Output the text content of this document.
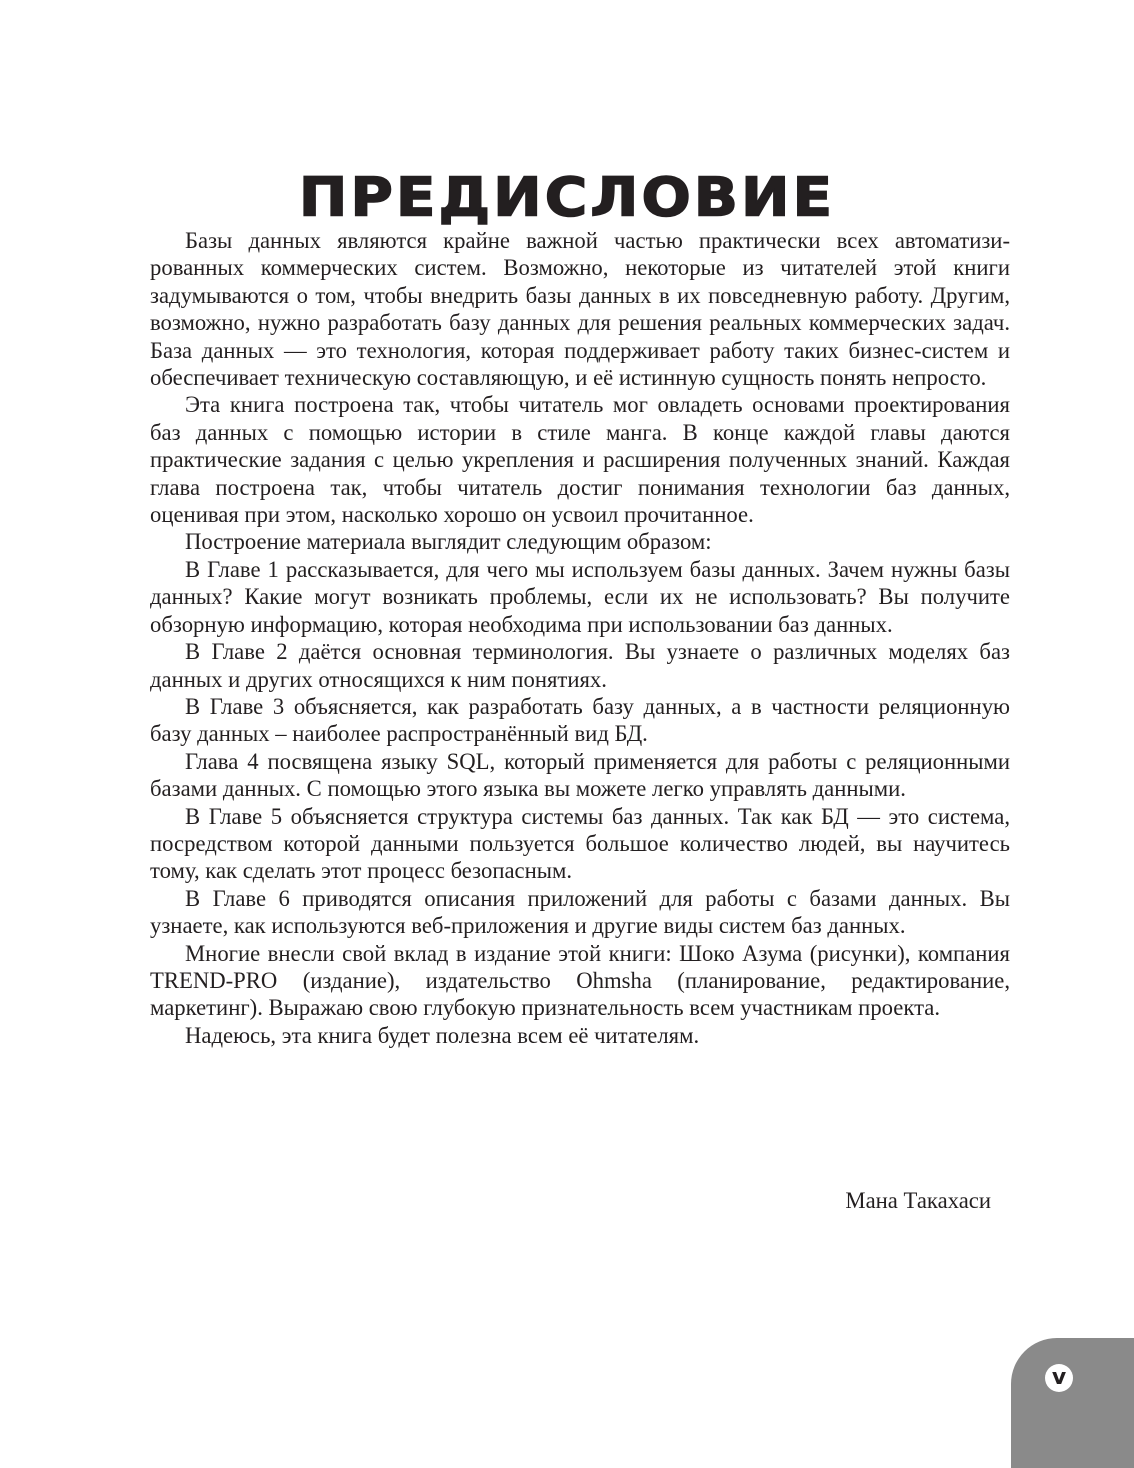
ПРЕДИСЛОВИЕ

Базы данных являются крайне важной частью практически всех автоматизированных коммерческих систем. Возможно, некоторые из читателей этой книги задумываются о том, чтобы внедрить базы данных в их повседневную работу. Другим, возможно, нужно разработать базу данных для решения реальных коммерческих задач. База данных — это технология, которая поддерживает работу таких бизнес-систем и обеспечивает техническую составляющую, и её истинную сущность понять непросто.

Эта книга построена так, чтобы читатель мог овладеть основами проектирования баз данных с помощью истории в стиле манга. В конце каждой главы даются практические задания с целью укрепления и расширения полученных знаний. Каждая глава построена так, чтобы читатель достиг понимания технологии баз данных, оценивая при этом, насколько хорошо он усвоил прочитанное.

Построение материала выглядит следующим образом:

В Главе 1 рассказывается, для чего мы используем базы данных. Зачем нужны базы данных? Какие могут возникать проблемы, если их не использовать? Вы получите обзорную информацию, которая необходима при использовании баз данных.

В Главе 2 даётся основная терминология. Вы узнаете о различных моделях баз данных и других относящихся к ним понятиях.

В Главе 3 объясняется, как разработать базу данных, а в частности реляционную базу данных – наиболее распространённый вид БД.

Глава 4 посвящена языку SQL, который применяется для работы с реляционными базами данных. С помощью этого языка вы можете легко управлять данными.

В Главе 5 объясняется структура системы баз данных. Так как БД — это система, посредством которой данными пользуется большое количество людей, вы научитесь тому, как сделать этот процесс безопасным.

В Главе 6 приводятся описания приложений для работы с базами данных. Вы узнаете, как используются веб-приложения и другие виды систем баз данных.

Многие внесли свой вклад в издание этой книги: Шоко Азума (рисунки), компания TREND-PRO (издание), издательство Ohmsha (планирование, редактирование, маркетинг). Выражаю свою глубокую признательность всем участникам проекта.

Надеюсь, эта книга будет полезна всем её читателям.

Мана Такахаси
v
